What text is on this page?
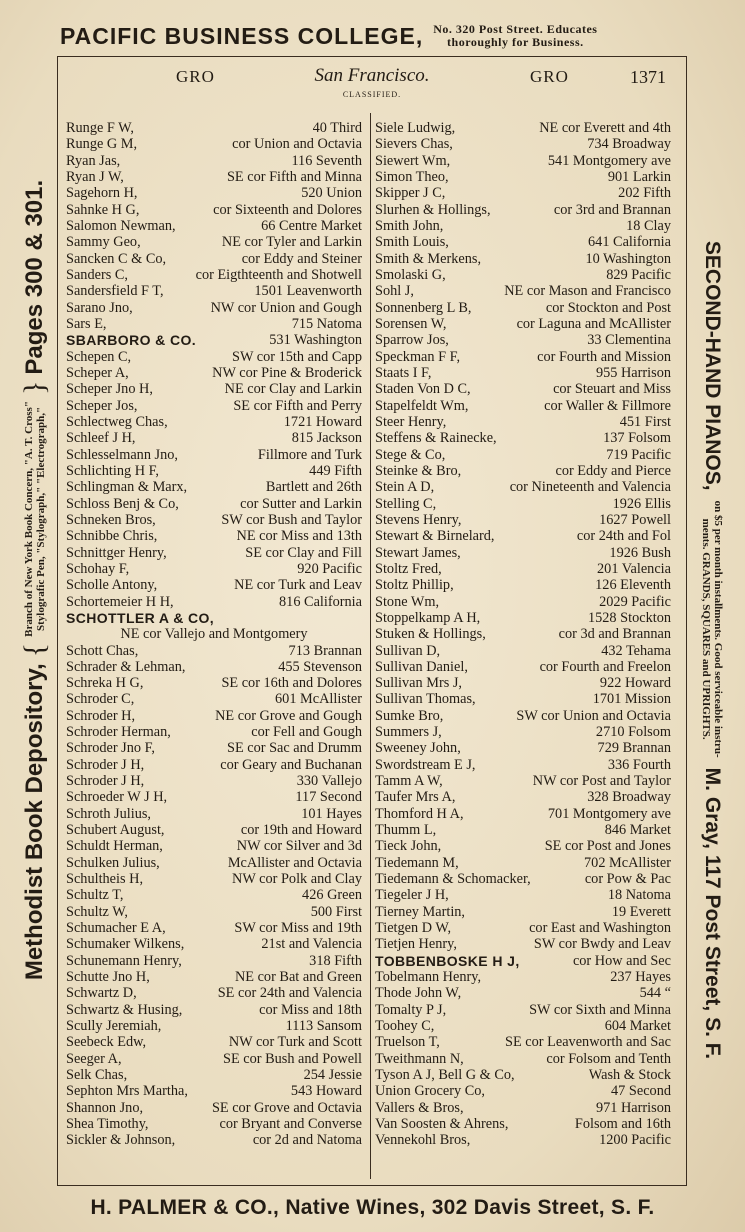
PACIFIC BUSINESS COLLEGE, No. 320 Post Street. Educates
thoroughly for Business.
GRO	San Francisco.	GRO	1371
CLASSIFIED.
Runge F W,	40 Third
Runge G M,	cor Union and Octavia
Ryan Jas,	116 Seventh
Ryan J W,	SE cor Fifth and Minna
Sagehorn H,	520 Union
Sahnke H G,	cor Sixteenth and Dolores
Salomon Newman,	66 Centre Market
Sammy Geo,	NE cor Tyler and Larkin
Sancken C & Co,	cor Eddy and Steiner
Sanders C,	cor Eigthteenth and Shotwell
Sandersfield F T,	1501 Leavenworth
Sarano Jno,	NW cor Union and Gough
Sars E,	715 Natoma
SBARBORO & CO.	531 Washington
Schepen C,	SW cor 15th and Capp
Scheper A,	NW cor Pine & Broderick
Scheper Jno H,	NE cor Clay and Larkin
Scheper Jos,	SE cor Fifth and Perry
Schlectweg Chas,	1721 Howard
Schleef J H,	815 Jackson
Schlesselmann Jno,	Fillmore and Turk
Schlichting H F,	449 Fifth
Schlingman & Marx,	Bartlett and 26th
Schloss Benj & Co,	cor Sutter and Larkin
Schneken Bros,	SW cor Bush and Taylor
Schnibbe Chris,	NE cor Miss and 13th
Schnittger Henry,	SE cor Clay and Fill
Schohay F,	920 Pacific
Scholle Antony,	NE cor Turk and Leav
Schortemeier H H,	816 California
SCHOTTLER A & CO,
NE cor Vallejo and Montgomery
Schott Chas,	713 Brannan
Schrader & Lehman,	455 Stevenson
Schreka H G,	SE cor 16th and Dolores
Schroder C,	601 McAllister
Schroder H,	NE cor Grove and Gough
Schroder Herman,	cor Fell and Gough
Schroder Jno F,	SE cor Sac and Drumm
Schroder J H,	cor Geary and Buchanan
Schroder J H,	330 Vallejo
Schroeder W J H,	117 Second
Schroth Julius,	101 Hayes
Schubert August,	cor 19th and Howard
Schuldt Herman,	NW cor Silver and 3d
Schulken Julius,	McAllister and Octavia
Schultheis H,	NW cor Polk and Clay
Schultz T,	426 Green
Schultz W,	500 First
Schumacher E A,	SW cor Miss and 19th
Schumaker Wilkens,	21st and Valencia
Schunemann Henry,	318 Fifth
Schutte Jno H,	NE cor Bat and Green
Schwartz D,	SE cor 24th and Valencia
Schwartz & Husing,	cor Miss and 18th
Scully Jeremiah,	1113 Sansom
Seebeck Edw,	NW cor Turk and Scott
Seeger A,	SE cor Bush and Powell
Selk Chas,	254 Jessie
Sephton Mrs Martha,	543 Howard
Shannon Jno,	SE cor Grove and Octavia
Shea Timothy,	cor Bryant and Converse
Sickler & Johnson,	cor 2d and Natoma
Siele Ludwig,	NE cor Everett and 4th
Sievers Chas,	734 Broadway
Siewert Wm,	541 Montgomery ave
Simon Theo,	901 Larkin
Skipper J C,	202 Fifth
Slurhen & Hollings,	cor 3rd and Brannan
Smith John,	18 Clay
Smith Louis,	641 California
Smith & Merkens,	10 Washington
Smolaski G,	829 Pacific
Sohl J,	NE cor Mason and Francisco
Sonnenberg L B,	cor Stockton and Post
Sorensen W,	cor Laguna and McAllister
Sparrow Jos,	33 Clementina
Speckman F F,	cor Fourth and Mission
Staats I F,	955 Harrison
Staden Von D C,	cor Steuart and Miss
Stapelfeldt Wm,	cor Waller & Fillmore
Steer Henry,	451 First
Steffens & Rainecke,	137 Folsom
Stege & Co,	719 Pacific
Steinke & Bro,	cor Eddy and Pierce
Stein A D,	cor Nineteenth and Valencia
Stelling C,	1926 Ellis
Stevens Henry,	1627 Powell
Stewart & Birnelard,	cor 24th and Fol
Stewart James,	1926 Bush
Stoltz Fred,	201 Valencia
Stoltz Phillip,	126 Eleventh
Stone Wm,	2029 Pacific
Stoppelkamp A H,	1528 Stockton
Stuken & Hollings,	cor 3d and Brannan
Sullivan D,	432 Tehama
Sullivan Daniel,	cor Fourth and Freelon
Sullivan Mrs J,	922 Howard
Sullivan Thomas,	1701 Mission
Sumke Bro,	SW cor Union and Octavia
Summers J,	2710 Folsom
Sweeney John,	729 Brannan
Swordstream E J,	336 Fourth
Tamm A W,	NW cor Post and Taylor
Taufer Mrs A,	328 Broadway
Thomford H A,	701 Montgomery ave
Thumm L,	846 Market
Tieck John,	SE cor Post and Jones
Tiedemann M,	702 McAllister
Tiedemann & Schomacker,	cor Pow & Pac
Tiegeler J H,	18 Natoma
Tierney Martin,	19 Everett
Tietgen D W,	cor East and Washington
Tietjen Henry,	SW cor Bwdy and Leav
TOBBENBOSKE H J,	cor How and Sec
Tobelmann Henry,	237 Hayes
Thode John W,	544 “
Tomalty P J,	SW cor Sixth and Minna
Toohey C,	604 Market
Truelson T,	SE cor Leavenworth and Sac
Tweithmann N,	cor Folsom and Tenth
Tyson A J, Bell G & Co,	Wash & Stock
Union Grocery Co,	47 Second
Vallers & Bros,	971 Harrison
Van Soosten & Ahrens,	Folsom and 16th
Vennekohl Bros,	1200 Pacific
Methodist Book Depository,
{
Branch of New York Book Concern, "A. T. Cross" Stylografic Pen, "Stylograph," "Electrograph,"
}
Pages 300 & 301.	SECOND-HAND PIANOS,
on $5 per month installments. Good serviceable instru-
ments. GRANDS, SQUARES and UPRIGHTS.
M. Gray, 117 Post Street, S. F.
H. PALMER & CO., Native Wines, 302 Davis Street, S. F.
